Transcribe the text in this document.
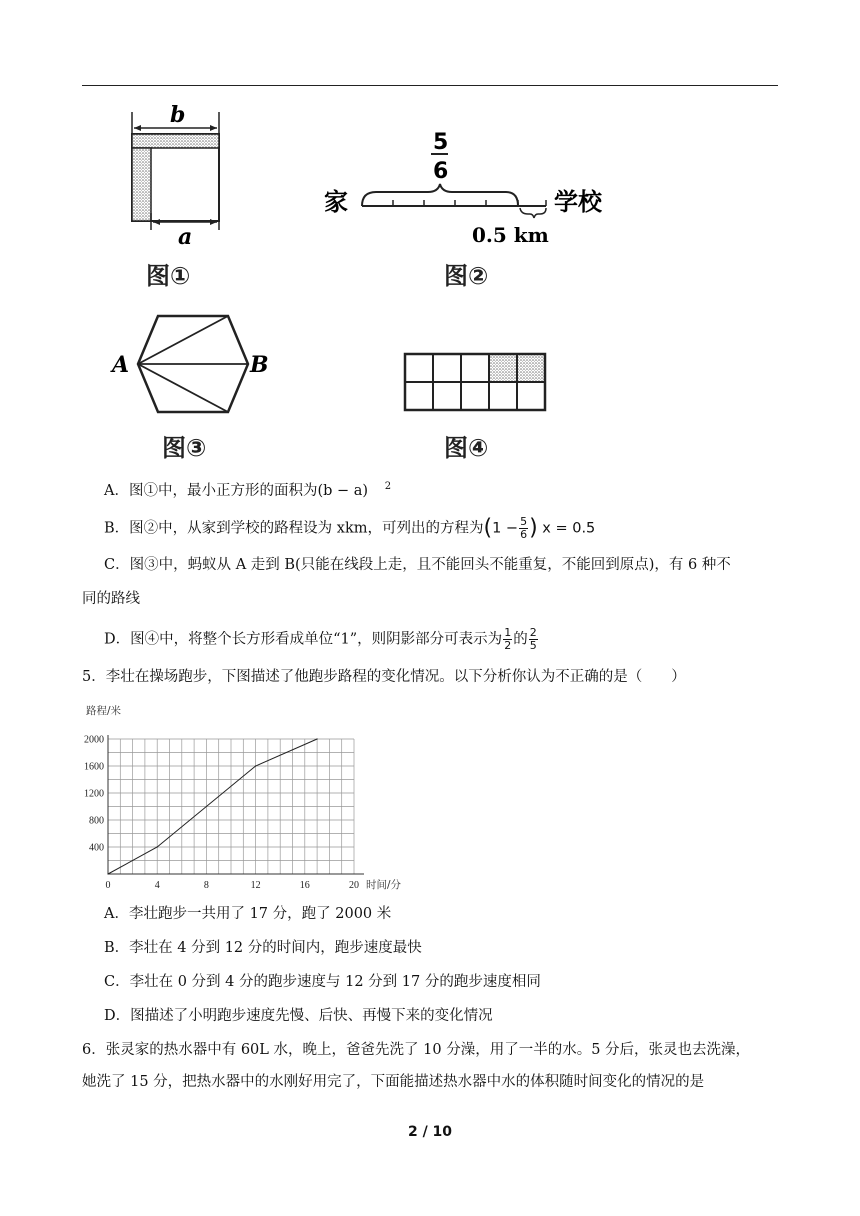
b
a
图①
5
6
家	学校
0.5 km
图②
A	B
图③	图④
A．图①中，最小正方形的面积为(b − a) $^2$
B．图②中，从家到学校的路程设为 xkm，可列出的方程为($1 - \frac{5}{6}$ ) x = 0.5
C．图③中，蚂蚁从 A 走到 B(只能在线段上走，且不能回头不能重复，不能回到原点)，有 6 种不
同的路线
D．图④中，将整个长方形看成单位“1”，则阴影部分可表示为 $\frac{1}{2}$ 的 $\frac{2}{5}$
5．李壮在操场跑步，下图描述了他跑步路程的变化情况。以下分析你认为不正确的是（　　）
0	4	8	12	16	20
400
800
1200
1600
2000
路程/米
时间/分
A．李壮跑步一共用了 17 分，跑了 2000 米
B．李壮在 4 分到 12 分的时间内，跑步速度最快
C．李壮在 0 分到 4 分的跑步速度与 12 分到 17 分的跑步速度相同
D．图描述了小明跑步速度先慢、后快、再慢下来的变化情况
6．张灵家的热水器中有 60L 水，晚上，爸爸先洗了 10 分澡，用了一半的水。5 分后，张灵也去洗澡，
她洗了 15 分，把热水器中的水刚好用完了，下面能描述热水器中水的体积随时间变化的情况的是
2 / 10
